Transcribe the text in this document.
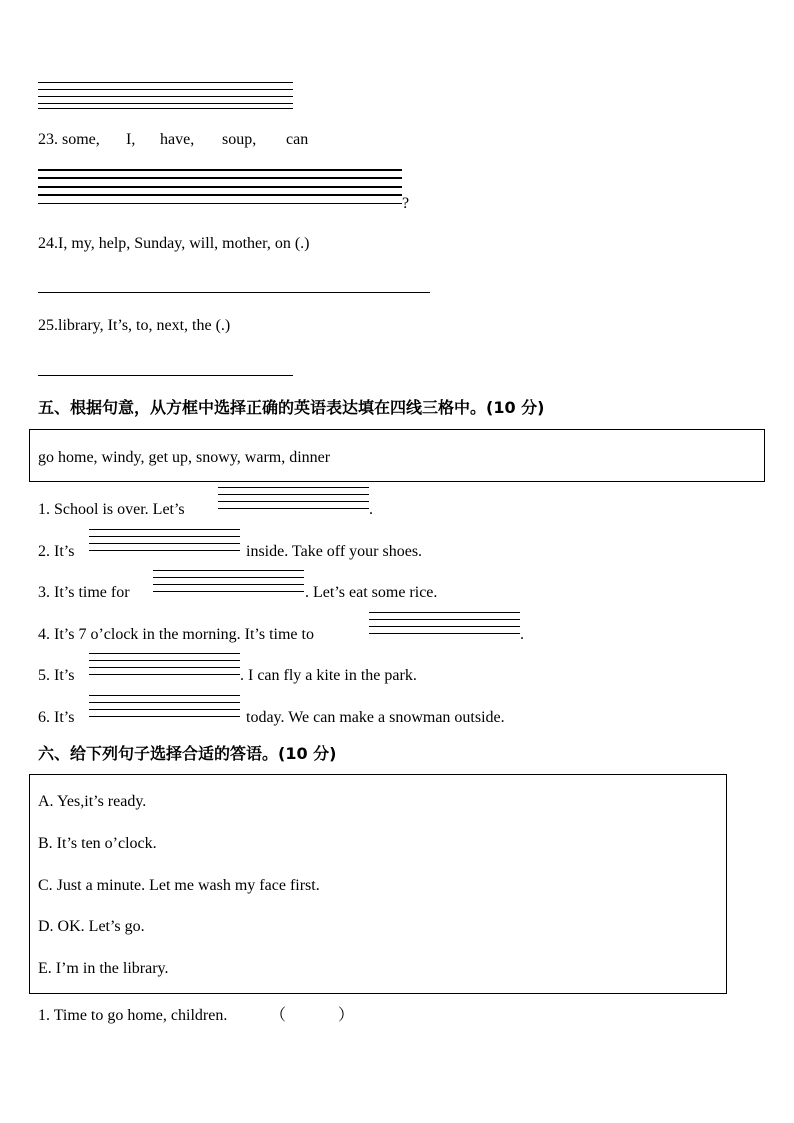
23. some, I, have, soup, can
?
24.I, my, help, Sunday, will, mother, on (.)
25.library, It’s, to, next, the (.)
五、根据句意，从方框中选择正确的英语表达填在四线三格中。(10 分)
go home, windy, get up, snowy, warm, dinner
1. School is over. Let’s	.
2. It’s	inside. Take off your shoes.
3. It’s time for	. Let’s eat some rice.
4. It’s 7 o’clock in the morning. It’s time to	.
5. It’s	. I can fly a kite in the park.
6. It’s	today. We can make a snowman outside.
六、给下列句子选择合适的答语。(10 分)
A. Yes,it’s ready.
B. It’s ten o’clock.
C. Just a minute. Let me wash my face first.
D. OK. Let’s go.
E. I’m in the library.
1. Time to go home, children.	（	）
